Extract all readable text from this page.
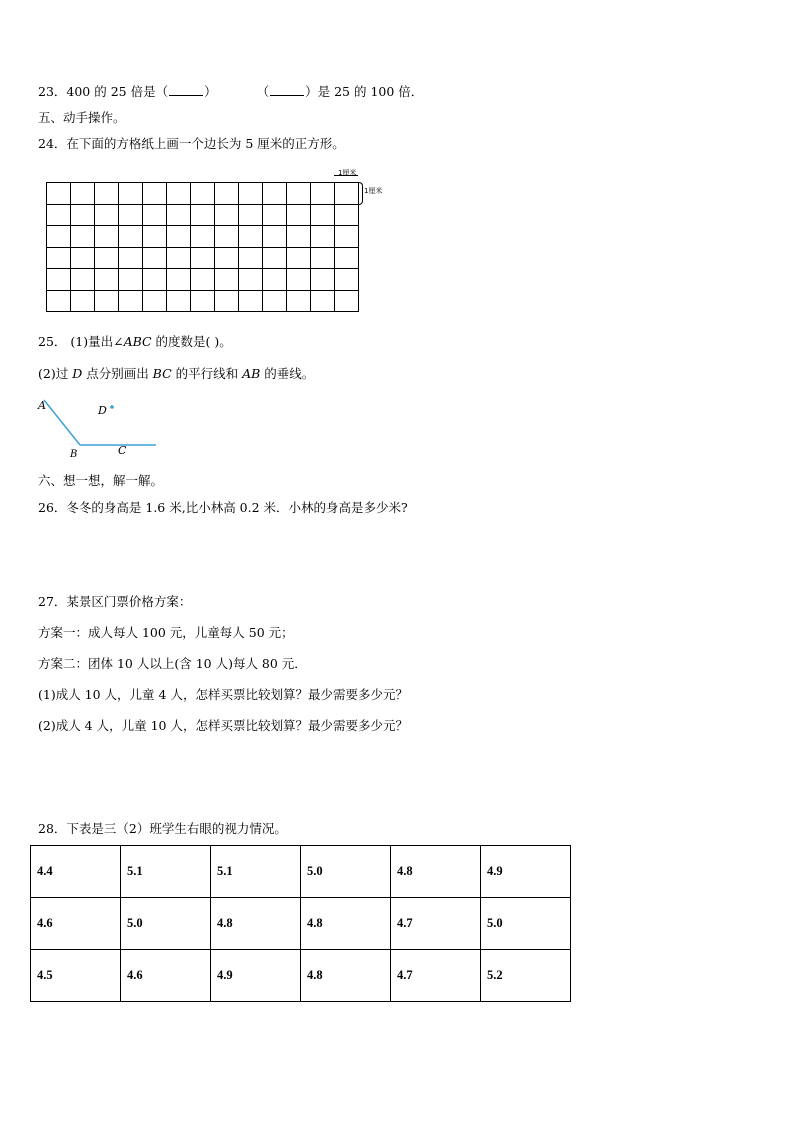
23．400 的 25 倍是（	）	（	）是 25 的 100 倍．
五、动手操作。
24．在下面的方格纸上画一个边长为 5 厘米的正方形。
1厘米
1厘米
25． (1)量出∠ABC 的度数是( )。
(2)过 D 点分别画出 BC 的平行线和 AB 的垂线。
A	D
B	C
六、想一想，解一解。
26．冬冬的身高是 1.6 米,比小林高 0.2 米．小林的身高是多少米?
27．某景区门票价格方案：
方案一：成人每人 100 元，儿童每人 50 元；
方案二：团体 10 人以上(含 10 人)每人 80 元．
(1)成人 10 人，儿童 4 人，怎样买票比较划算？最少需要多少元？
(2)成人 4 人，儿童 10 人，怎样买票比较划算？最少需要多少元？
28．下表是三（2）班学生右眼的视力情况。
4.4	5.1	5.1	5.0	4.8	4.9
4.6	5.0	4.8	4.8	4.7	5.0
4.5	4.6	4.9	4.8	4.7	5.2
